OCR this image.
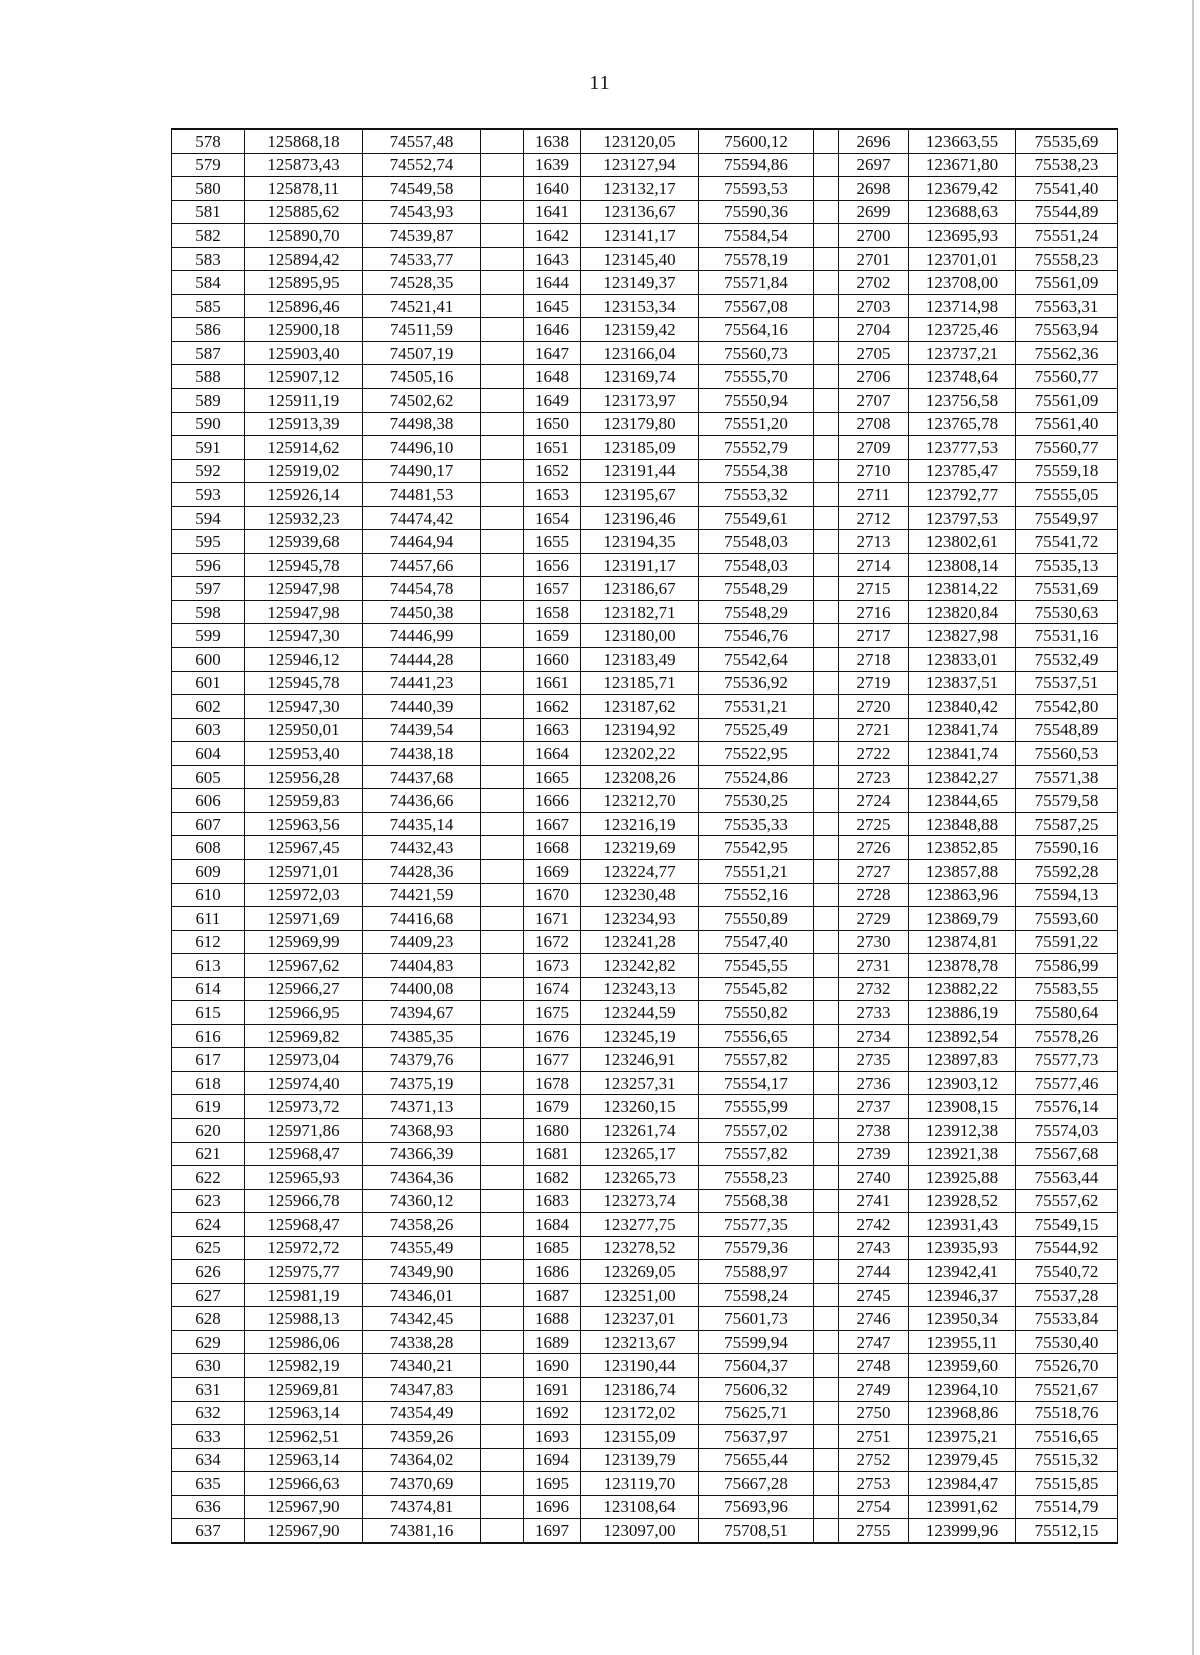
11
578	125868,18	74557,48		1638	123120,05	75600,12		2696	123663,55	75535,69
579	125873,43	74552,74		1639	123127,94	75594,86		2697	123671,80	75538,23
580	125878,11	74549,58		1640	123132,17	75593,53		2698	123679,42	75541,40
581	125885,62	74543,93		1641	123136,67	75590,36		2699	123688,63	75544,89
582	125890,70	74539,87		1642	123141,17	75584,54		2700	123695,93	75551,24
583	125894,42	74533,77		1643	123145,40	75578,19		2701	123701,01	75558,23
584	125895,95	74528,35		1644	123149,37	75571,84		2702	123708,00	75561,09
585	125896,46	74521,41		1645	123153,34	75567,08		2703	123714,98	75563,31
586	125900,18	74511,59		1646	123159,42	75564,16		2704	123725,46	75563,94
587	125903,40	74507,19		1647	123166,04	75560,73		2705	123737,21	75562,36
588	125907,12	74505,16		1648	123169,74	75555,70		2706	123748,64	75560,77
589	125911,19	74502,62		1649	123173,97	75550,94		2707	123756,58	75561,09
590	125913,39	74498,38		1650	123179,80	75551,20		2708	123765,78	75561,40
591	125914,62	74496,10		1651	123185,09	75552,79		2709	123777,53	75560,77
592	125919,02	74490,17		1652	123191,44	75554,38		2710	123785,47	75559,18
593	125926,14	74481,53		1653	123195,67	75553,32		2711	123792,77	75555,05
594	125932,23	74474,42		1654	123196,46	75549,61		2712	123797,53	75549,97
595	125939,68	74464,94		1655	123194,35	75548,03		2713	123802,61	75541,72
596	125945,78	74457,66		1656	123191,17	75548,03		2714	123808,14	75535,13
597	125947,98	74454,78		1657	123186,67	75548,29		2715	123814,22	75531,69
598	125947,98	74450,38		1658	123182,71	75548,29		2716	123820,84	75530,63
599	125947,30	74446,99		1659	123180,00	75546,76		2717	123827,98	75531,16
600	125946,12	74444,28		1660	123183,49	75542,64		2718	123833,01	75532,49
601	125945,78	74441,23		1661	123185,71	75536,92		2719	123837,51	75537,51
602	125947,30	74440,39		1662	123187,62	75531,21		2720	123840,42	75542,80
603	125950,01	74439,54		1663	123194,92	75525,49		2721	123841,74	75548,89
604	125953,40	74438,18		1664	123202,22	75522,95		2722	123841,74	75560,53
605	125956,28	74437,68		1665	123208,26	75524,86		2723	123842,27	75571,38
606	125959,83	74436,66		1666	123212,70	75530,25		2724	123844,65	75579,58
607	125963,56	74435,14		1667	123216,19	75535,33		2725	123848,88	75587,25
608	125967,45	74432,43		1668	123219,69	75542,95		2726	123852,85	75590,16
609	125971,01	74428,36		1669	123224,77	75551,21		2727	123857,88	75592,28
610	125972,03	74421,59		1670	123230,48	75552,16		2728	123863,96	75594,13
611	125971,69	74416,68		1671	123234,93	75550,89		2729	123869,79	75593,60
612	125969,99	74409,23		1672	123241,28	75547,40		2730	123874,81	75591,22
613	125967,62	74404,83		1673	123242,82	75545,55		2731	123878,78	75586,99
614	125966,27	74400,08		1674	123243,13	75545,82		2732	123882,22	75583,55
615	125966,95	74394,67		1675	123244,59	75550,82		2733	123886,19	75580,64
616	125969,82	74385,35		1676	123245,19	75556,65		2734	123892,54	75578,26
617	125973,04	74379,76		1677	123246,91	75557,82		2735	123897,83	75577,73
618	125974,40	74375,19		1678	123257,31	75554,17		2736	123903,12	75577,46
619	125973,72	74371,13		1679	123260,15	75555,99		2737	123908,15	75576,14
620	125971,86	74368,93		1680	123261,74	75557,02		2738	123912,38	75574,03
621	125968,47	74366,39		1681	123265,17	75557,82		2739	123921,38	75567,68
622	125965,93	74364,36		1682	123265,73	75558,23		2740	123925,88	75563,44
623	125966,78	74360,12		1683	123273,74	75568,38		2741	123928,52	75557,62
624	125968,47	74358,26		1684	123277,75	75577,35		2742	123931,43	75549,15
625	125972,72	74355,49		1685	123278,52	75579,36		2743	123935,93	75544,92
626	125975,77	74349,90		1686	123269,05	75588,97		2744	123942,41	75540,72
627	125981,19	74346,01		1687	123251,00	75598,24		2745	123946,37	75537,28
628	125988,13	74342,45		1688	123237,01	75601,73		2746	123950,34	75533,84
629	125986,06	74338,28		1689	123213,67	75599,94		2747	123955,11	75530,40
630	125982,19	74340,21		1690	123190,44	75604,37		2748	123959,60	75526,70
631	125969,81	74347,83		1691	123186,74	75606,32		2749	123964,10	75521,67
632	125963,14	74354,49		1692	123172,02	75625,71		2750	123968,86	75518,76
633	125962,51	74359,26		1693	123155,09	75637,97		2751	123975,21	75516,65
634	125963,14	74364,02		1694	123139,79	75655,44		2752	123979,45	75515,32
635	125966,63	74370,69		1695	123119,70	75667,28		2753	123984,47	75515,85
636	125967,90	74374,81		1696	123108,64	75693,96		2754	123991,62	75514,79
637	125967,90	74381,16		1697	123097,00	75708,51		2755	123999,96	75512,15
